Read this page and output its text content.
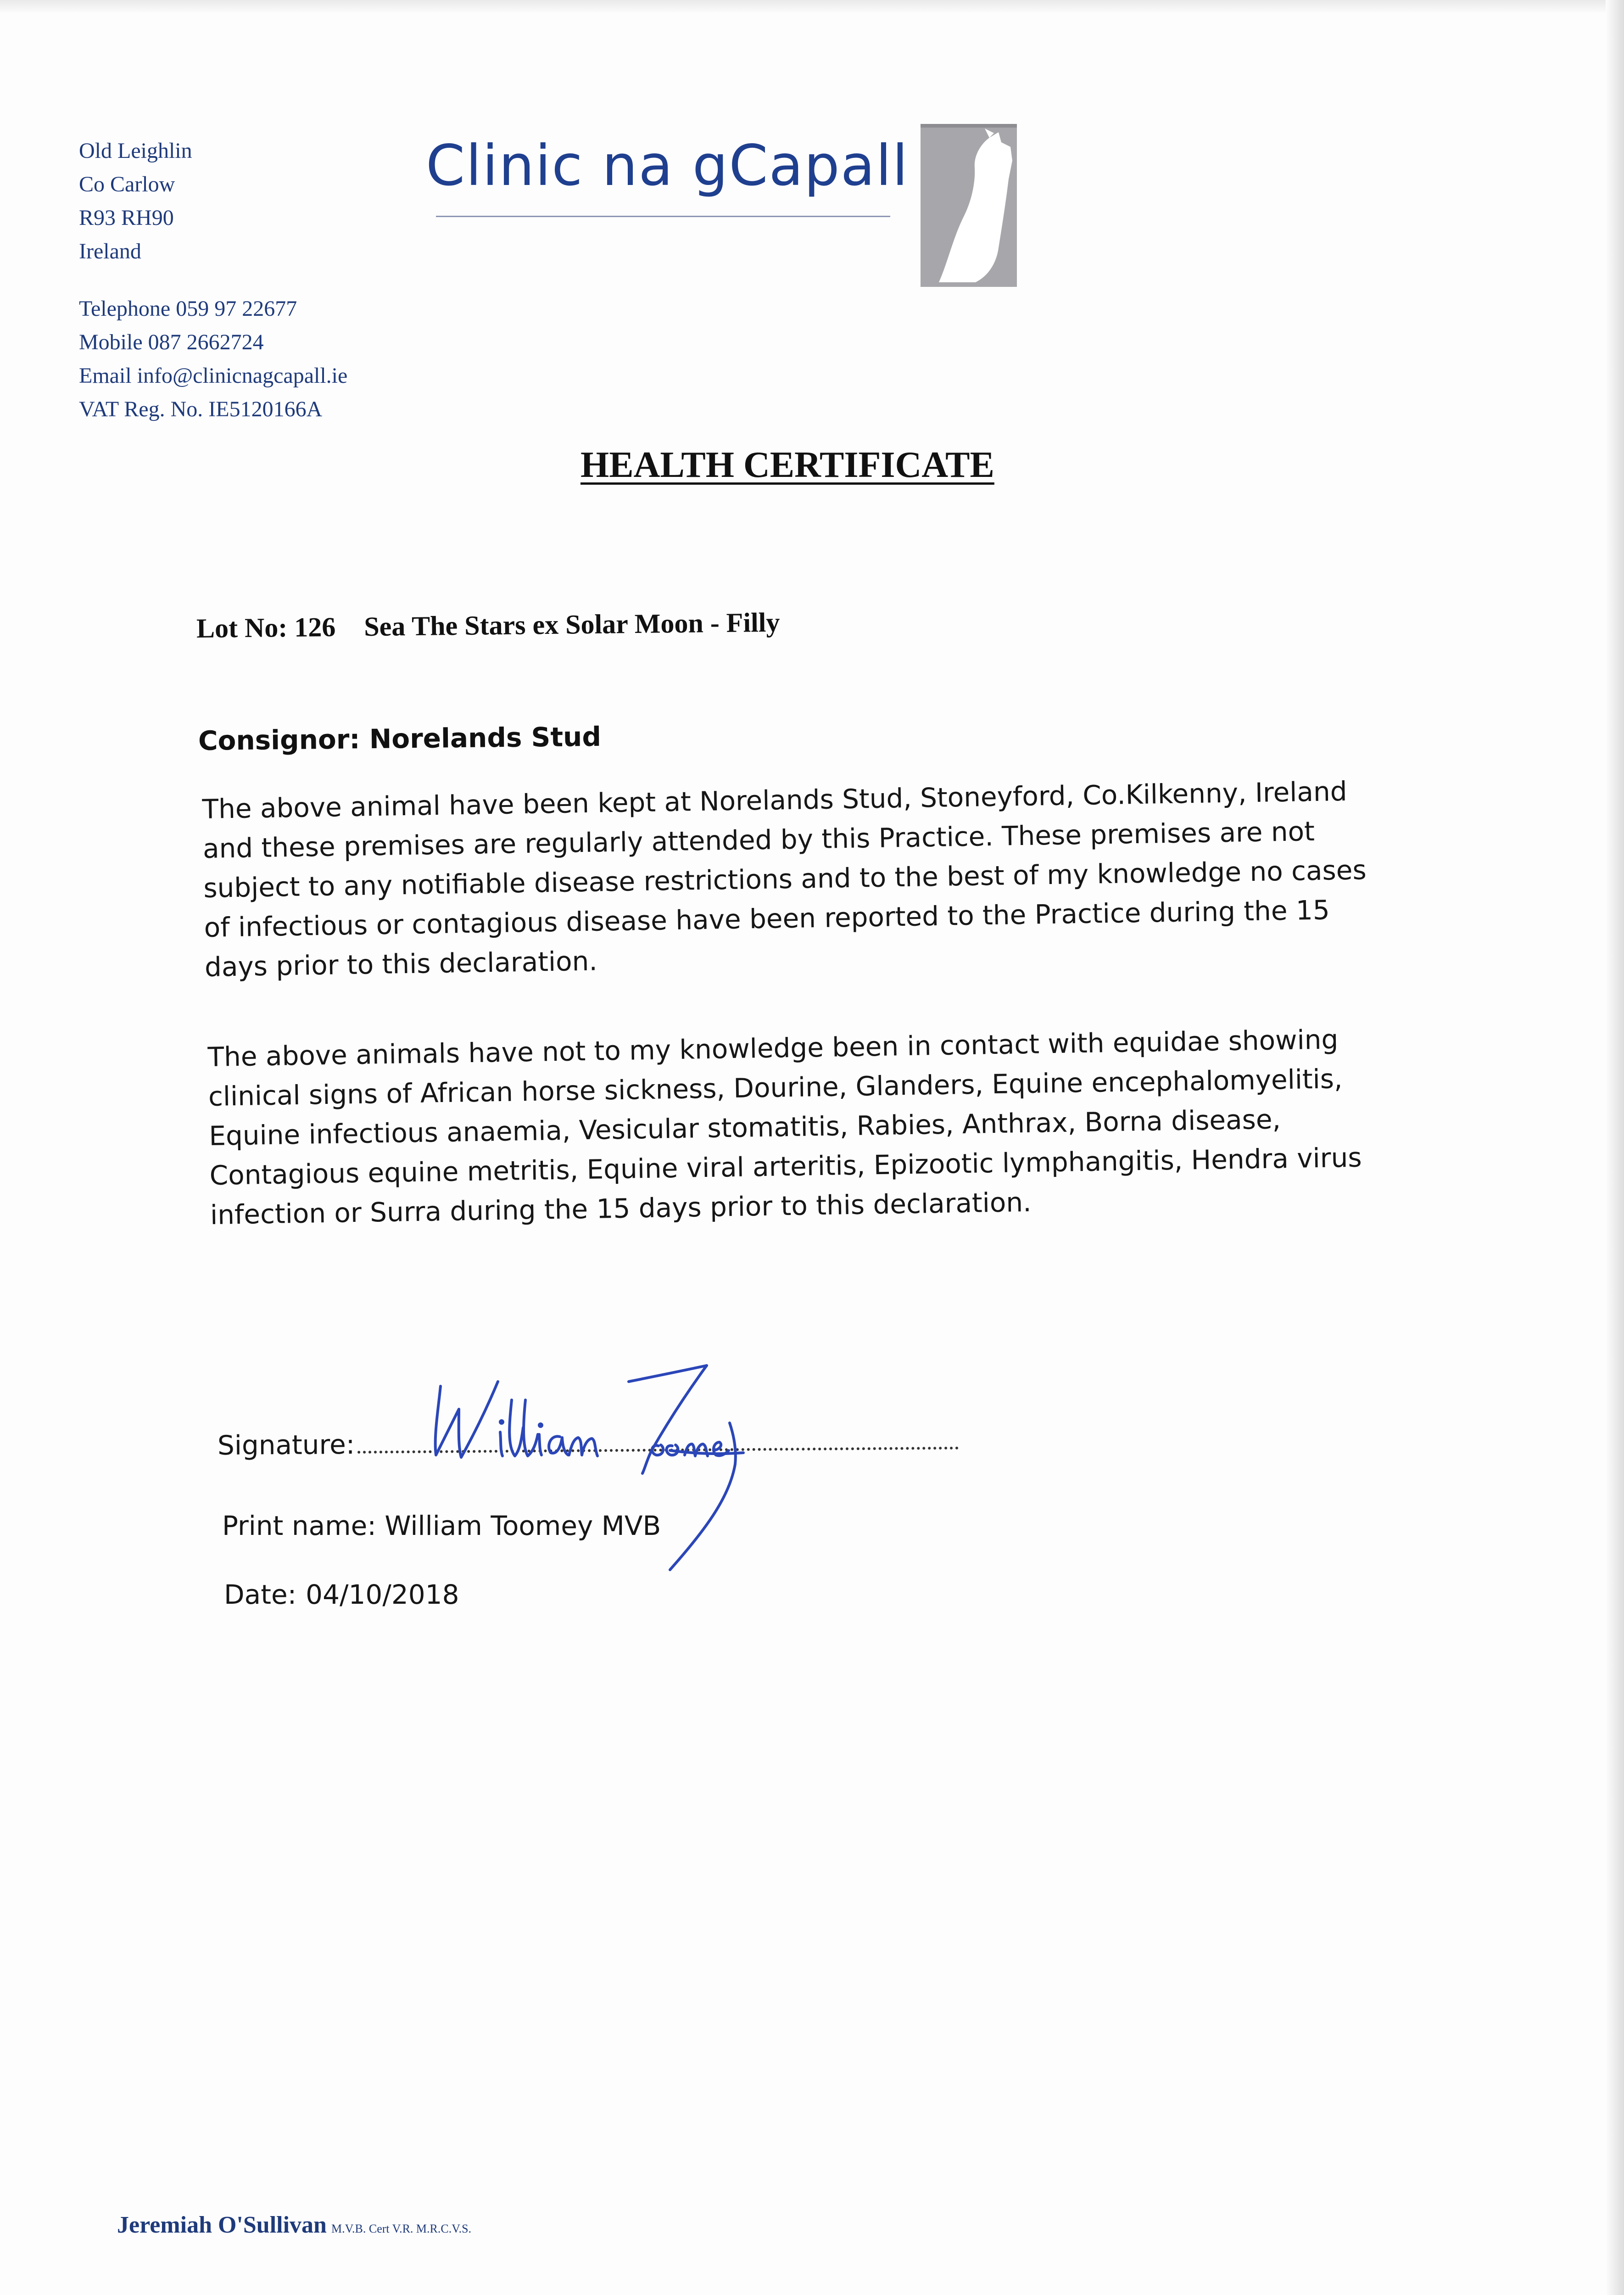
Old Leighlin
Co Carlow
R93 RH90
Ireland
Telephone 059 97 22677
Mobile 087 2662724
Email info@clinicnagcapall.ie
VAT Reg. No. IE5120166A
Clinic na gCapall
HEALTH CERTIFICATE
Lot No: 126 Sea The Stars ex Solar Moon - Filly
Consignor: Norelands Stud
The above animal have been kept at Norelands Stud, Stoneyford, Co.Kilkenny, Ireland
and these premises are regularly attended by this Practice. These premises are not
subject to any notifiable disease restrictions and to the best of my knowledge no cases
of infectious or contagious disease have been reported to the Practice during the 15
days prior to this declaration.
The above animals have not to my knowledge been in contact with equidae showing
clinical signs of African horse sickness, Dourine, Glanders, Equine encephalomyelitis,
Equine infectious anaemia, Vesicular stomatitis, Rabies, Anthrax, Borna disease,
Contagious equine metritis, Equine viral arteritis, Epizootic lymphangitis, Hendra virus
infection or Surra during the 15 days prior to this declaration.
Signature:
Print name: William Toomey MVB
Date: 04/10/2018
Jeremiah O'Sullivan M.V.B. Cert V.R. M.R.C.V.S.
